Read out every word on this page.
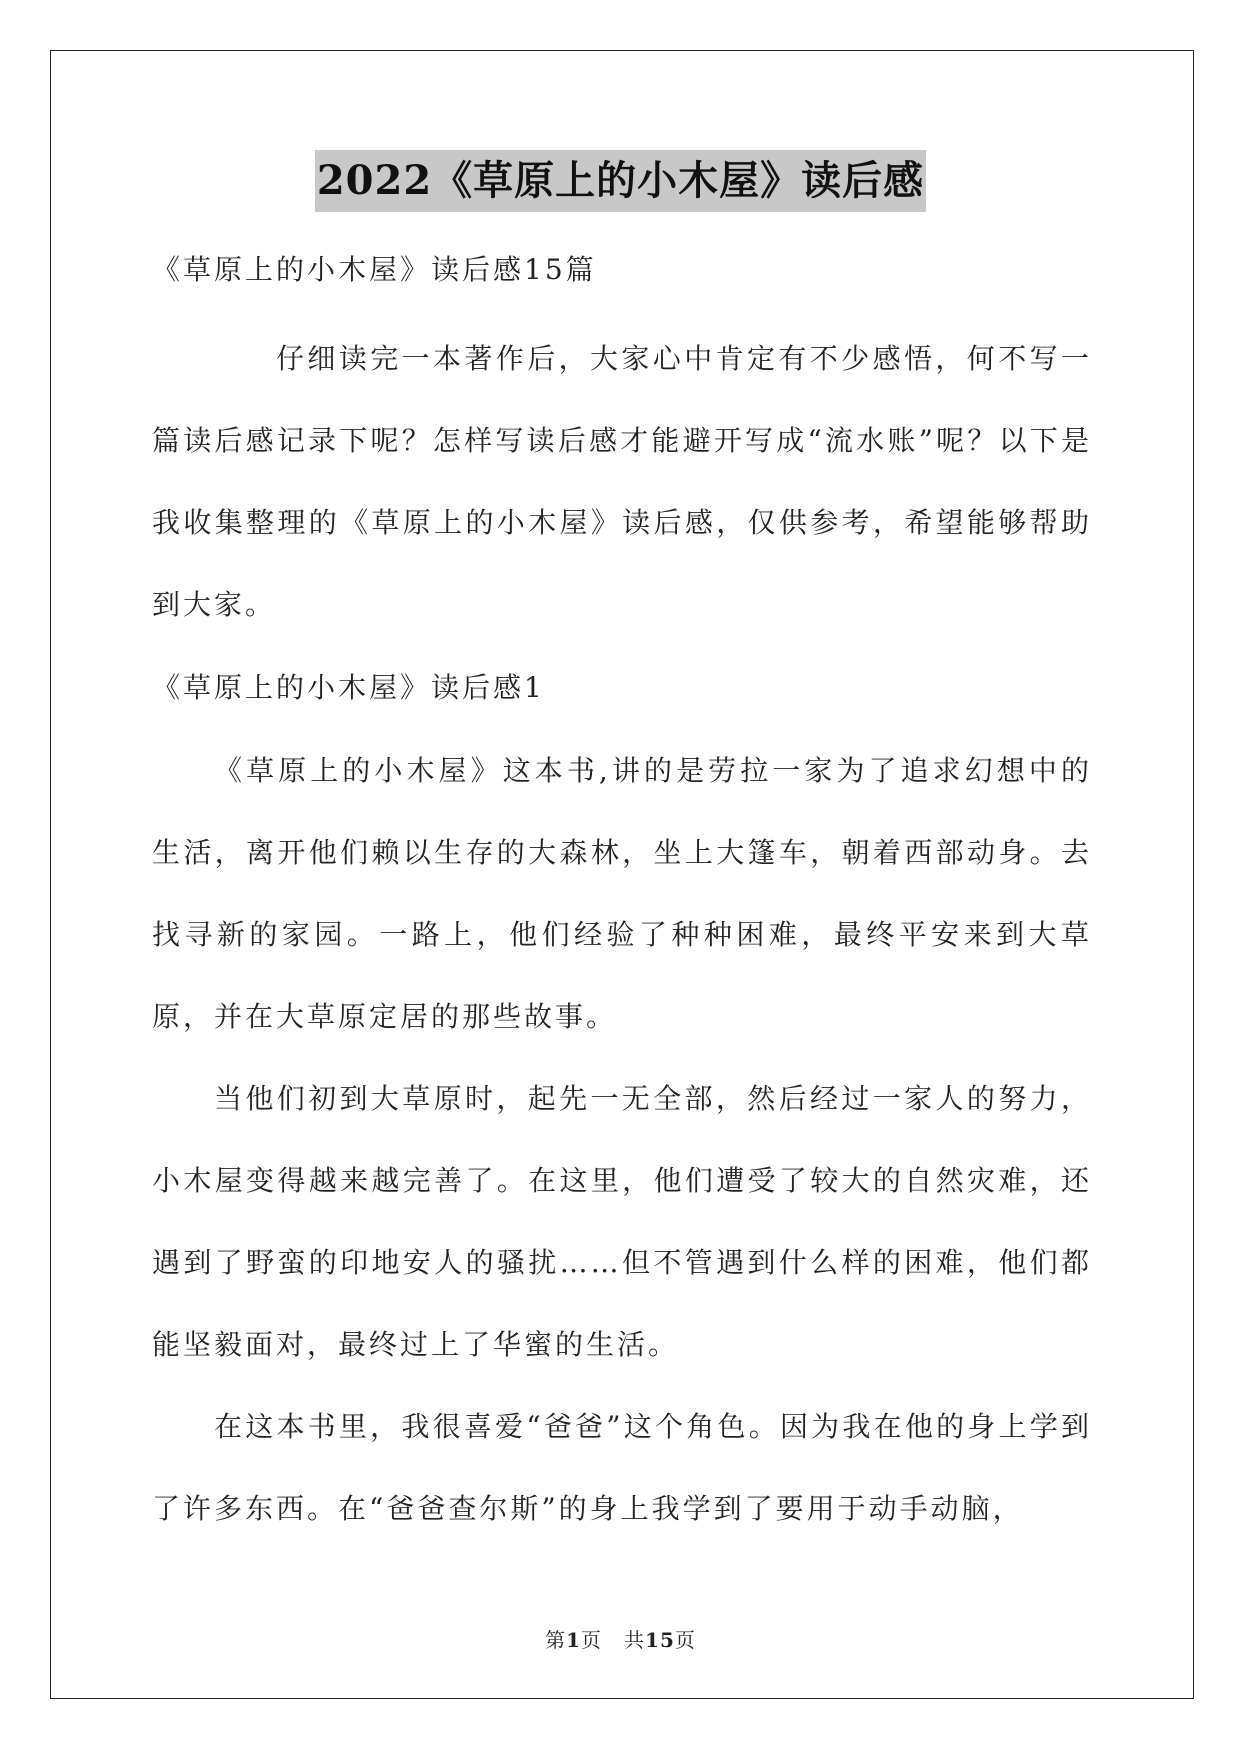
2022《草原上的小木屋》读后感

《草原上的小木屋》读后感15篇

仔细读完一本著作后，大家心中肯定有不少感悟，何不写一篇读后感记录下呢？怎样写读后感才能避开写成“流水账”呢？以下是我收集整理的《草原上的小木屋》读后感，仅供参考，希望能够帮助到大家。

《草原上的小木屋》读后感1

《草原上的小木屋》这本书,讲的是劳拉一家为了追求幻想中的生活，离开他们赖以生存的大森林，坐上大篷车，朝着西部动身。去找寻新的家园。一路上，他们经验了种种困难，最终平安来到大草原，并在大草原定居的那些故事。

当他们初到大草原时，起先一无全部，然后经过一家人的努力，小木屋变得越来越完善了。在这里，他们遭受了较大的自然灾难，还遇到了野蛮的印地安人的骚扰……但不管遇到什么样的困难，他们都能坚毅面对，最终过上了华蜜的生活。

在这本书里，我很喜爱“爸爸”这个角色。因为我在他的身上学到了许多东西。在“爸爸查尔斯”的身上我学到了要用于动手动脑，

第1页 共15页
